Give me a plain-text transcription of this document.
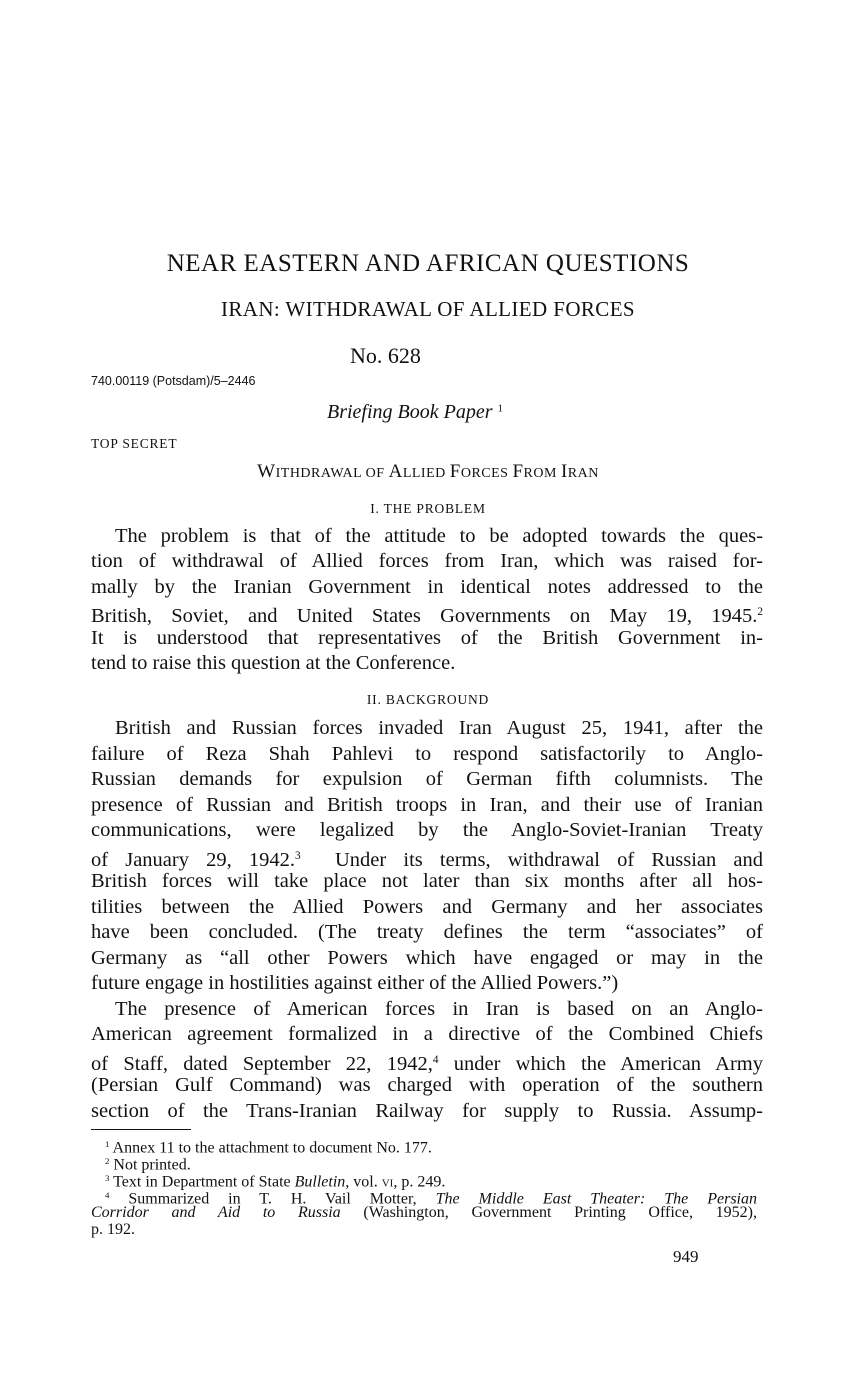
NEAR EASTERN AND AFRICAN QUESTIONS
IRAN: WITHDRAWAL OF ALLIED FORCES
No. 628
740.00119 (Potsdam)/5–2446
Briefing Book Paper $^1$
TOP SECRET
WITHDRAWAL OF ALLIED FORCES FROM IRAN
I. THE PROBLEM
The problem is that of the attitude to be adopted towards the ques-
tion of withdrawal of Allied forces from Iran, which was raised for-
mally by the Iranian Government in identical notes addressed to the
British, Soviet, and United States Governments on May 19, 1945.$^2$
It is understood that representatives of the British Government in-
tend to raise this question at the Conference.
II. BACKGROUND
British and Russian forces invaded Iran August 25, 1941, after the
failure of Reza Shah Pahlevi to respond satisfactorily to Anglo-
Russian demands for expulsion of German fifth columnists. The
presence of Russian and British troops in Iran, and their use of Iranian
communications, were legalized by the Anglo-Soviet-Iranian Treaty
of January 29, 1942.$^3$  Under its terms, withdrawal of Russian and
British forces will take place not later than six months after all hos-
tilities between the Allied Powers and Germany and her associates
have been concluded. (The treaty defines the term “associates” of
Germany as “all other Powers which have engaged or may in the
future engage in hostilities against either of the Allied Powers.”)
The presence of American forces in Iran is based on an Anglo-
American agreement formalized in a directive of the Combined Chiefs
of Staff, dated September 22, 1942,$^4$ under which the American Army
(Persian Gulf Command) was charged with operation of the southern
section of the Trans-Iranian Railway for supply to Russia. Assump-
$^1$ Annex 11 to the attachment to document No. 177.
$^2$ Not printed.
$^3$ Text in Department of State Bulletin, vol. vi, p. 249.
$^4$ Summarized in T. H. Vail Motter, The Middle East Theater: The Persian
Corridor and Aid to Russia (Washington, Government Printing Office, 1952),
p. 192.
949
